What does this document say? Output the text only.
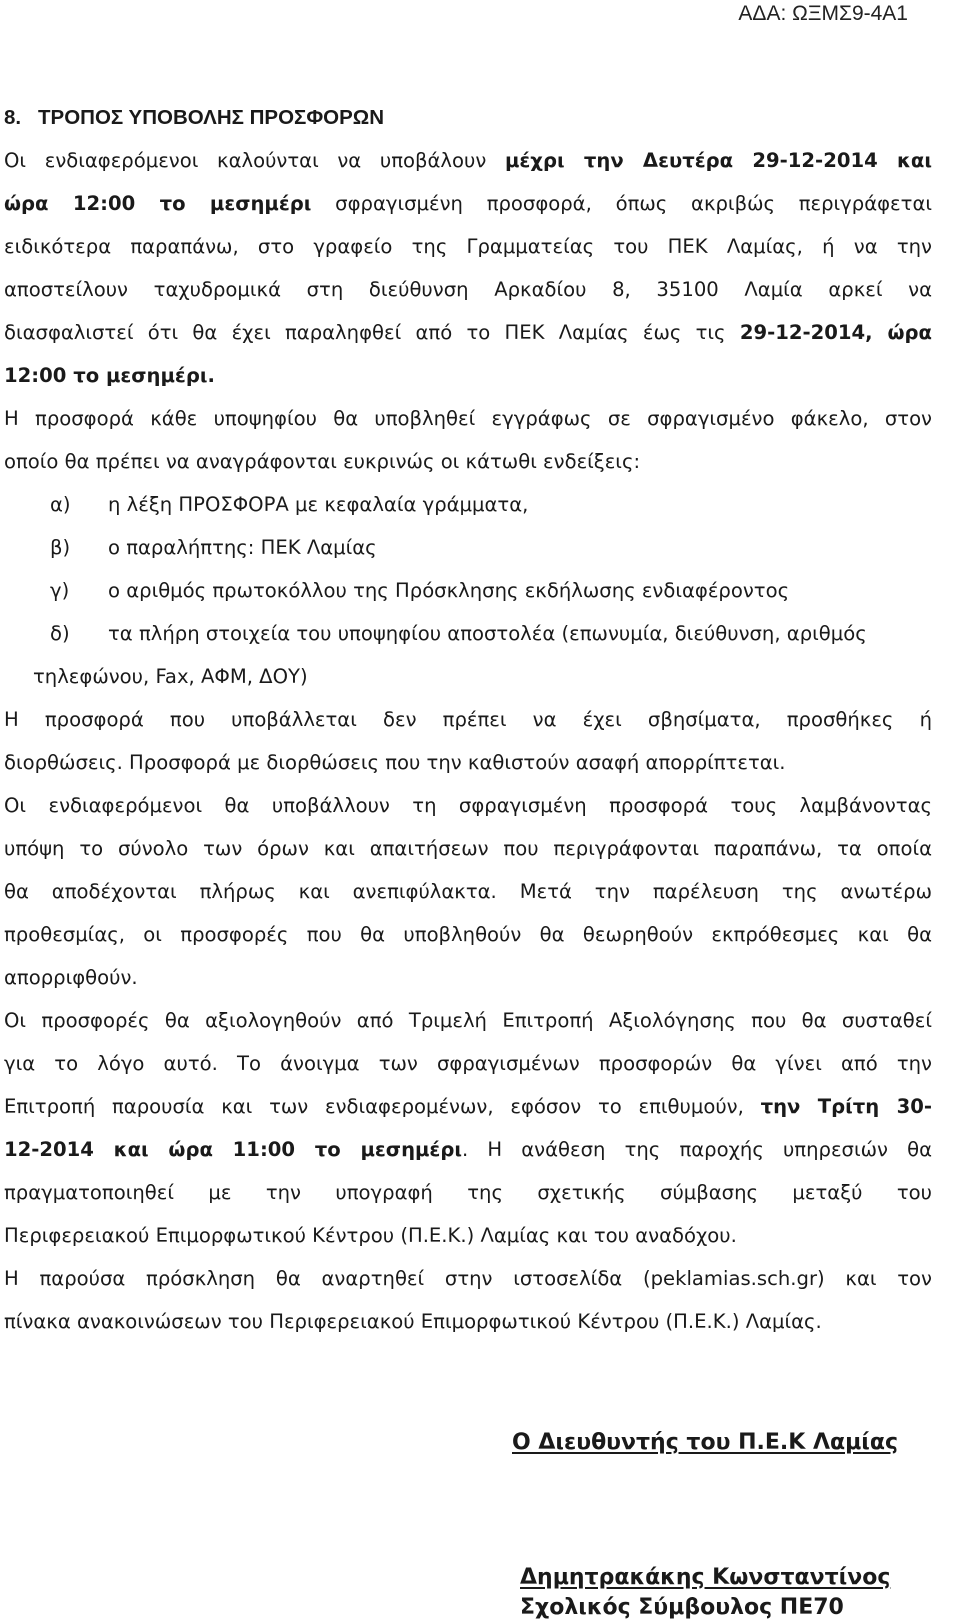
ΑΔΑ: ΩΞΜΣ9-4Α1
8. ΤΡΟΠΟΣ ΥΠΟΒΟΛΗΣ ΠΡΟΣΦΟΡΩΝ
Οι ενδιαφερόμενοι καλούνται να υποβάλουν μέχρι την Δευτέρα 29-12-2014 και
ώρα 12:00 το μεσημέρι σφραγισμένη προσφορά, όπως ακριβώς περιγράφεται
ειδικότερα παραπάνω, στο γραφείο της Γραμματείας του ΠΕΚ Λαμίας, ή να την
αποστείλουν ταχυδρομικά στη διεύθυνση Αρκαδίου 8, 35100 Λαμία αρκεί να
διασφαλιστεί ότι θα έχει παραληφθεί από το ΠΕΚ Λαμίας έως τις 29-12-2014, ώρα
12:00 το μεσημέρι.
Η προσφορά κάθε υποψηφίου θα υποβληθεί εγγράφως σε σφραγισμένο φάκελο, στον
οποίο θα πρέπει να αναγράφονται ευκρινώς οι κάτωθι ενδείξεις:
α) η λέξη ΠΡΟΣΦΟΡΑ με κεφαλαία γράμματα,
β) ο παραλήπτης: ΠΕΚ Λαμίας
γ) ο αριθμός πρωτοκόλλου της Πρόσκλησης εκδήλωσης ενδιαφέροντος
δ) τα πλήρη στοιχεία του υποψηφίου αποστολέα (επωνυμία, διεύθυνση, αριθμός
τηλεφώνου, Fax, ΑΦΜ, ΔΟΥ)
Η προσφορά που υποβάλλεται δεν πρέπει να έχει σβησίματα, προσθήκες ή
διορθώσεις. Προσφορά με διορθώσεις που την καθιστούν ασαφή απορρίπτεται.
Οι ενδιαφερόμενοι θα υποβάλλουν τη σφραγισμένη προσφορά τους λαμβάνοντας
υπόψη το σύνολο των όρων και απαιτήσεων που περιγράφονται παραπάνω, τα οποία
θα αποδέχονται πλήρως και ανεπιφύλακτα. Μετά την παρέλευση της ανωτέρω
προθεσμίας, οι προσφορές που θα υποβληθούν θα θεωρηθούν εκπρόθεσμες και θα
απορριφθούν.
Οι προσφορές θα αξιολογηθούν από Τριμελή Επιτροπή Αξιολόγησης που θα συσταθεί
για το λόγο αυτό. Το άνοιγμα των σφραγισμένων προσφορών θα γίνει από την
Επιτροπή παρουσία και των ενδιαφερομένων, εφόσον το επιθυμούν, την Τρίτη 30-
12-2014 και ώρα 11:00 το μεσημέρι. Η ανάθεση της παροχής υπηρεσιών θα
πραγματοποιηθεί με την υπογραφή της σχετικής σύμβασης μεταξύ του
Περιφερειακού Επιμορφωτικού Κέντρου (Π.Ε.Κ.) Λαμίας και του αναδόχου.
Η παρούσα πρόσκληση θα αναρτηθεί στην ιστοσελίδα (peklamias.sch.gr) και τον
πίνακα ανακοινώσεων του Περιφερειακού Επιμορφωτικού Κέντρου (Π.Ε.Κ.) Λαμίας.
Ο Διευθυντής του Π.Ε.Κ Λαμίας
Δημητρακάκης Κωνσταντίνος
Σχολικός Σύμβουλος ΠΕ70
